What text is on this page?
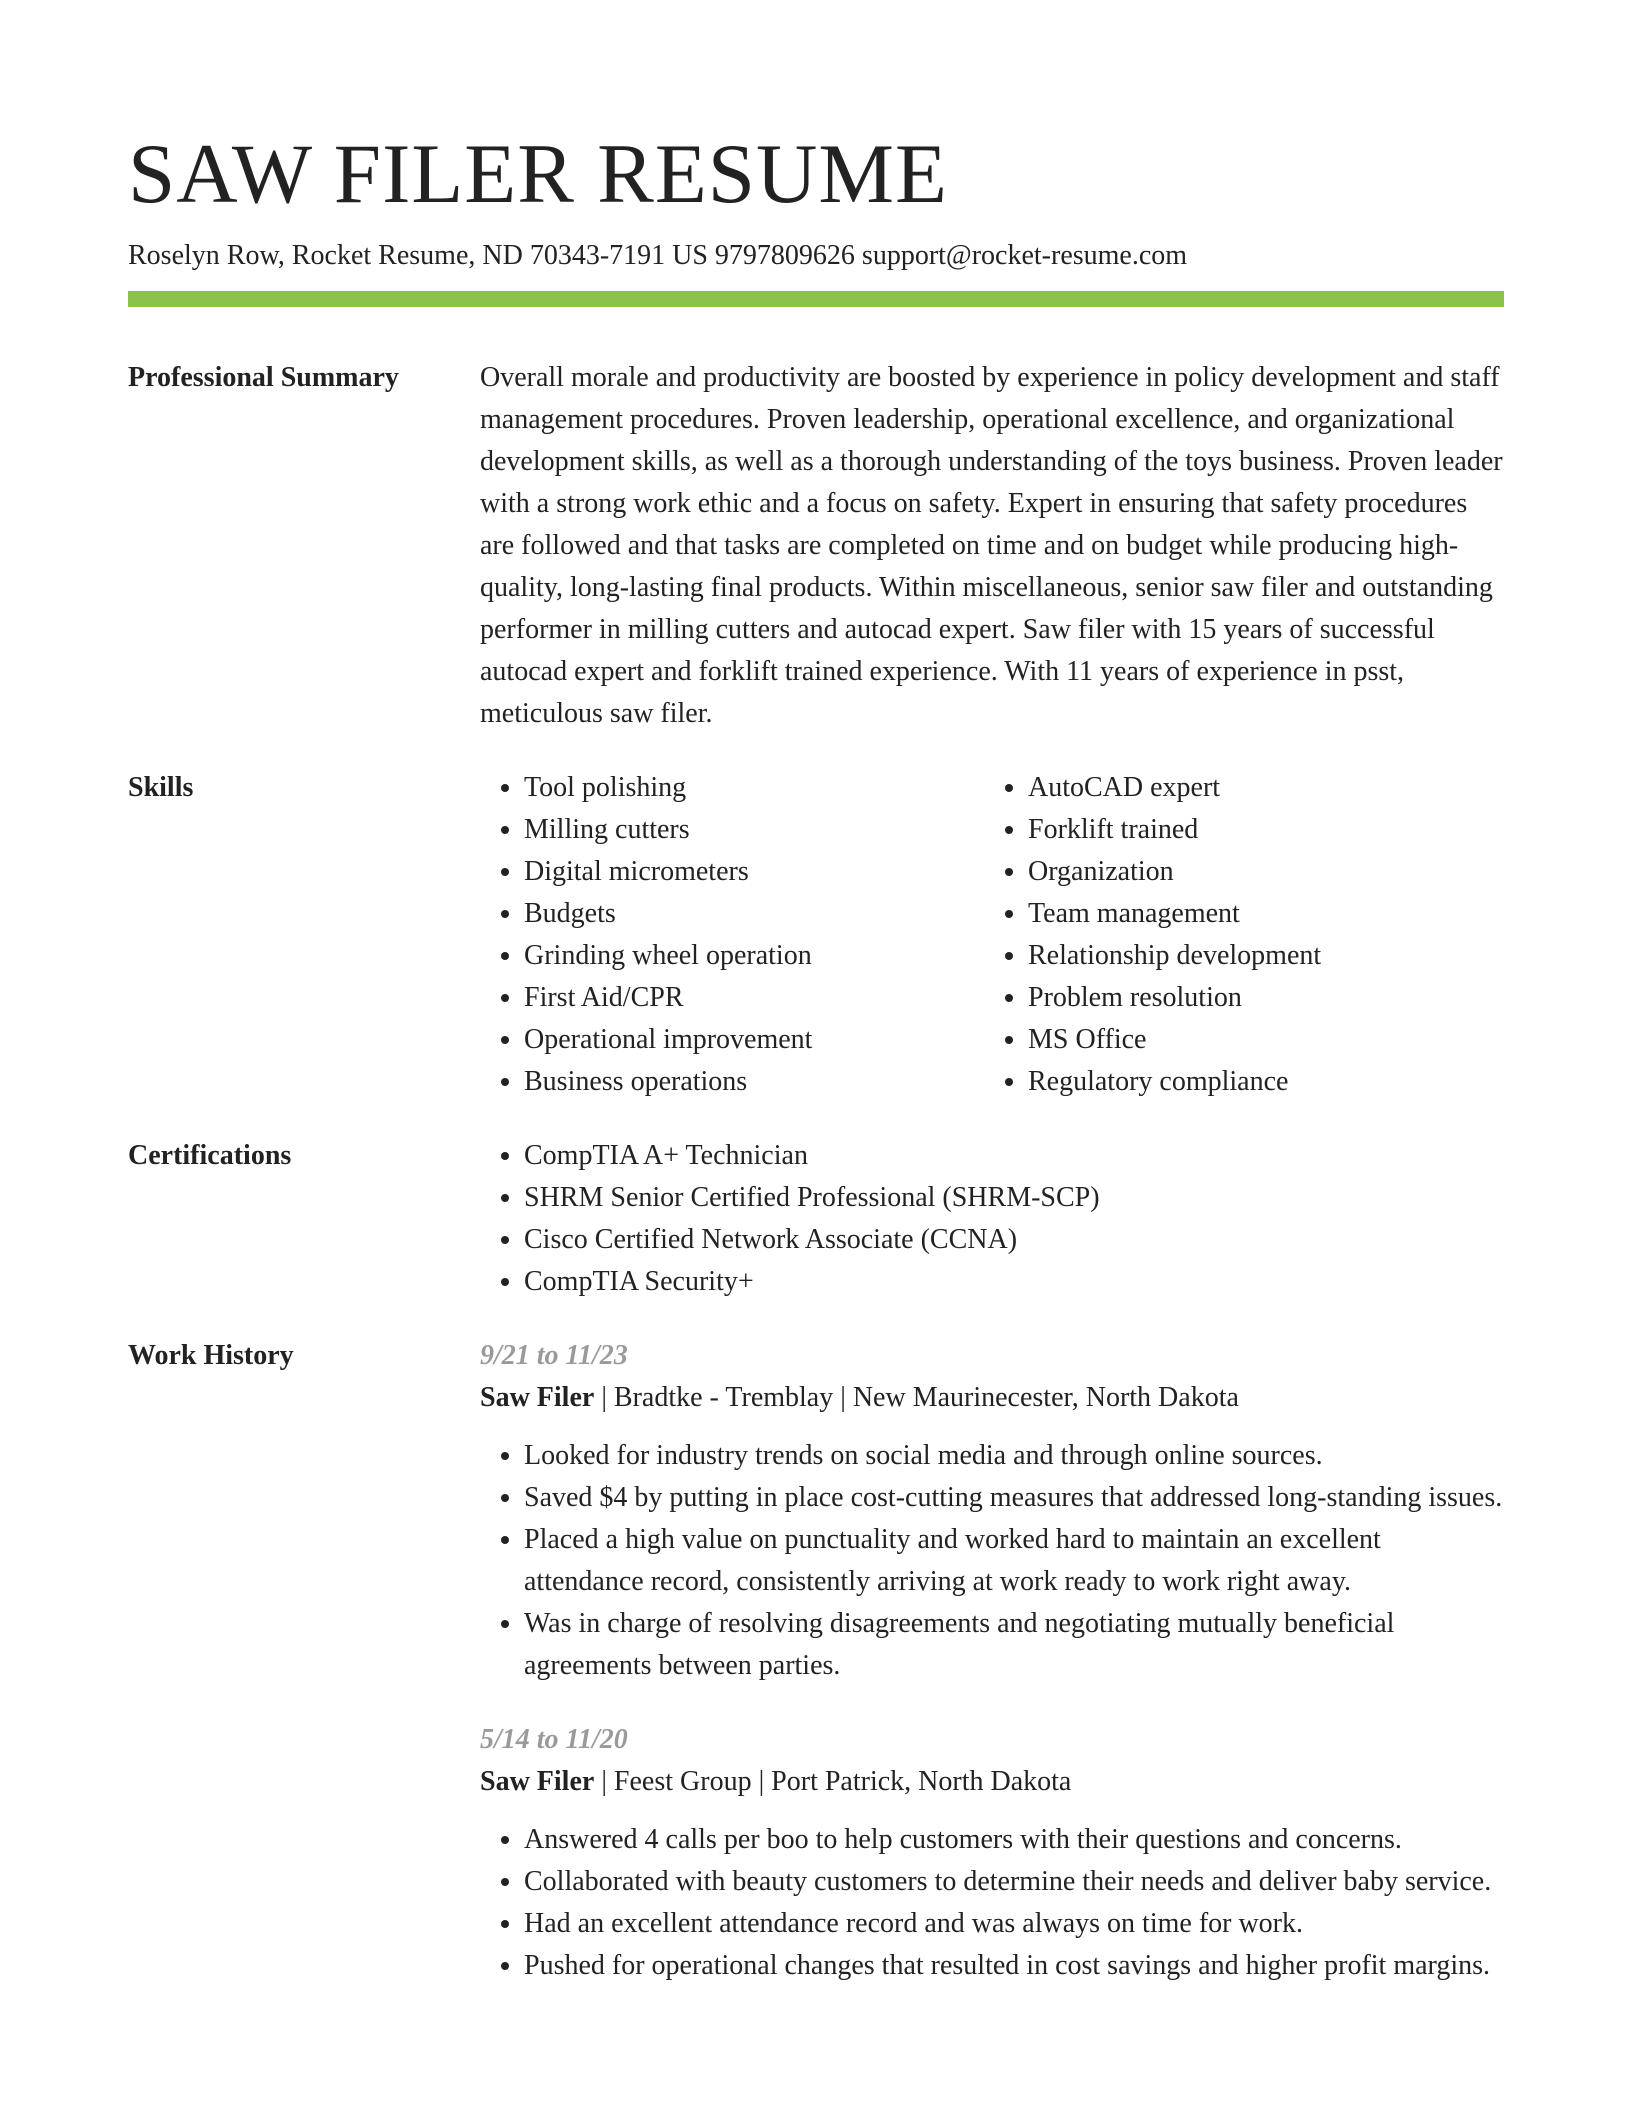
SAW FILER RESUME
Roselyn Row, Rocket Resume, ND 70343-7191 US 9797809626 support@rocket-resume.com
Professional Summary	Overall morale and productivity are boosted by experience in policy development and staff management procedures. Proven leadership, operational excellence, and organizational development skills, as well as a thorough understanding of the toys business. Proven leader with a strong work ethic and a focus on safety. Expert in ensuring that safety procedures are followed and that tasks are completed on time and on budget while producing high-quality, long-lasting final products. Within miscellaneous, senior saw filer and outstanding performer in milling cutters and autocad expert. Saw filer with 15 years of successful autocad expert and forklift trained experience. With 11 years of experience in psst, meticulous saw filer.
Skills	• Tool polishing
• Milling cutters
• Digital micrometers
• Budgets
• Grinding wheel operation
• First Aid/CPR
• Operational improvement
• Business operations
• AutoCAD expert
• Forklift trained
• Organization
• Team management
• Relationship development
• Problem resolution
• MS Office
• Regulatory compliance
Certifications	• CompTIA A+ Technician
• SHRM Senior Certified Professional (SHRM-SCP)
• Cisco Certified Network Associate (CCNA)
• CompTIA Security+
Work History	9/21 to 11/23
Saw Filer | Bradtke - Tremblay | New Maurinecester, North Dakota
• Looked for industry trends on social media and through online sources.
• Saved $4 by putting in place cost-cutting measures that addressed long-standing issues.
• Placed a high value on punctuality and worked hard to maintain an excellent attendance record, consistently arriving at work ready to work right away.
• Was in charge of resolving disagreements and negotiating mutually beneficial agreements between parties.
5/14 to 11/20
Saw Filer | Feest Group | Port Patrick, North Dakota
• Answered 4 calls per boo to help customers with their questions and concerns.
• Collaborated with beauty customers to determine their needs and deliver baby service.
• Had an excellent attendance record and was always on time for work.
• Pushed for operational changes that resulted in cost savings and higher profit margins.
